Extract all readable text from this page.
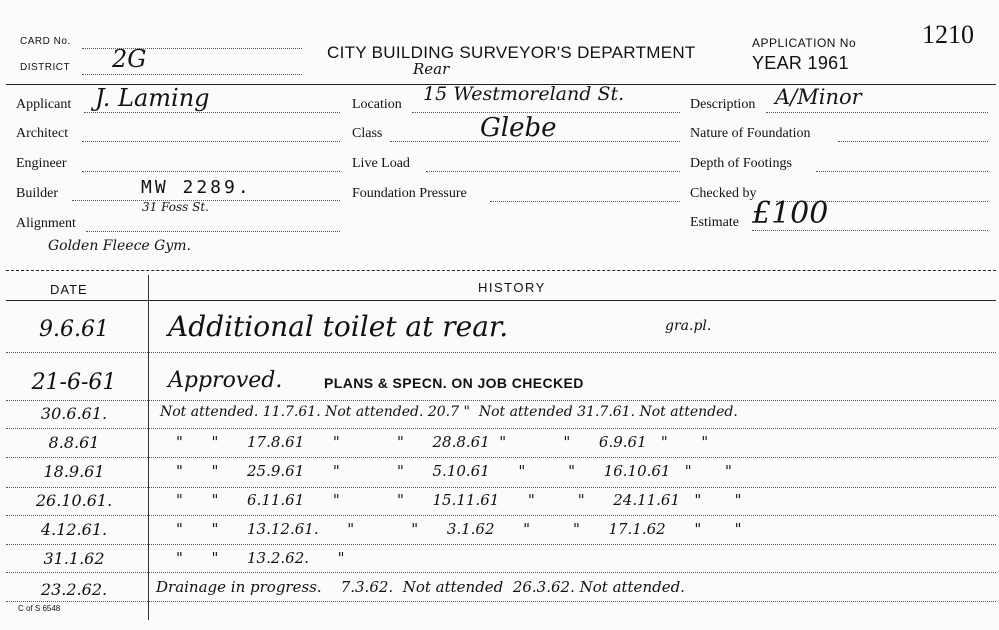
CARD No.
DISTRICT 2G	CITY BUILDING SURVEYOR'S DEPARTMENT
Rear
APPLICATION No	1210
YEAR 1961
Applicant J. Laming
Architect
Engineer
Builder	MW 2289.
31 Foss St.
Alignment
Golden Fleece Gym.
Location 15 Westmoreland St.
Class	Glebe
Live Load
Foundation Pressure
Description A/Minor
Nature of Foundation
Depth of Footings
Checked by
Estimate £100
DATE	HISTORY
9.6.61	Additional toilet at rear.	gra.pl.
21-6-61	Approved.	PLANS & SPECN. ON JOB CHECKED
30.6.61.	Not attended. 11.7.61. Not attended. 20.7 "  Not attended 31.7.61. Not attended.
8.8.61	"      "      17.8.61      "            "      28.8.61  "            "      6.9.61   "       "
18.9.61	"      "      25.9.61      "            "      5.10.61      "         "      16.10.61   "       "
26.10.61.	"      "      6.11.61      "            "      15.11.61      "         "      24.11.61   "       "
4.12.61.	"      "      13.12.61.      "            "      3.1.62      "         "      17.1.62      "       "
31.1.62	"      "      13.2.62.      "
23.2.62.	Drainage in progress.    7.3.62.  Not attended  26.3.62. Not attended.
C of S 6548
